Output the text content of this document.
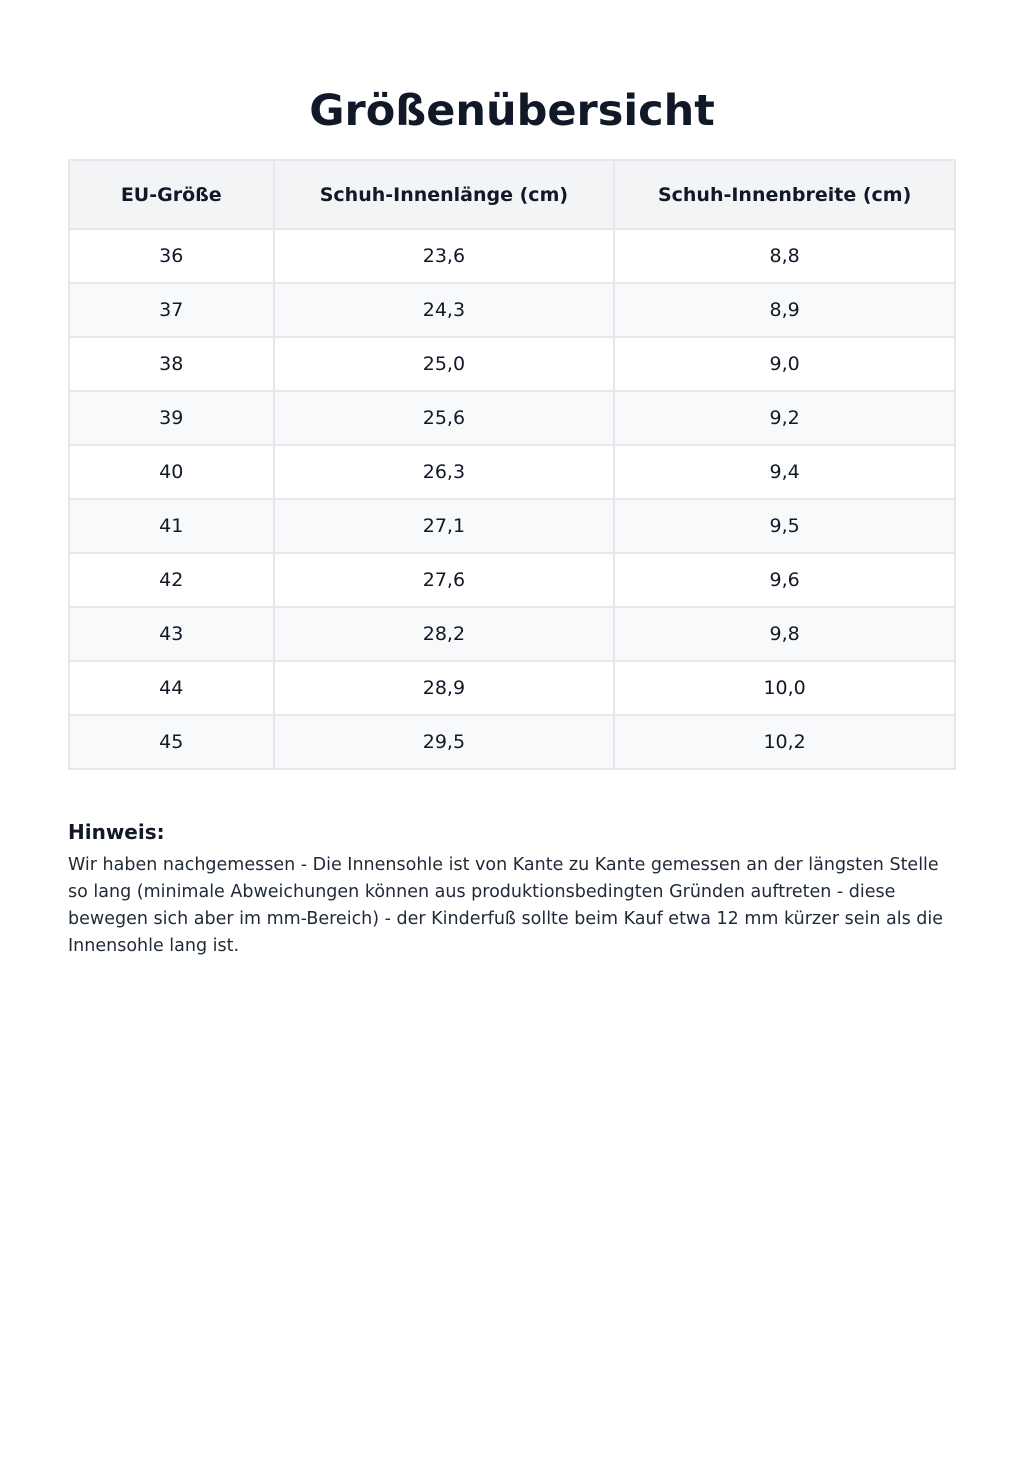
Größenübersicht
EU-Größe	Schuh-Innenlänge (cm)	Schuh-Innenbreite (cm)
36	23,6	8,8
37	24,3	8,9
38	25,0	9,0
39	25,6	9,2
40	26,3	9,4
41	27,1	9,5
42	27,6	9,6
43	28,2	9,8
44	28,9	10,0
45	29,5	10,2

Hinweis:

Wir haben nachgemessen - Die Innensohle ist von Kante zu Kante gemessen an der längsten Stelle so lang (minimale Abweichungen können aus produktionsbedingten Gründen auftreten - diese bewegen sich aber im mm-Bereich) - der Kinderfuß sollte beim Kauf etwa 12 mm kürzer sein als die Innensohle lang ist.
